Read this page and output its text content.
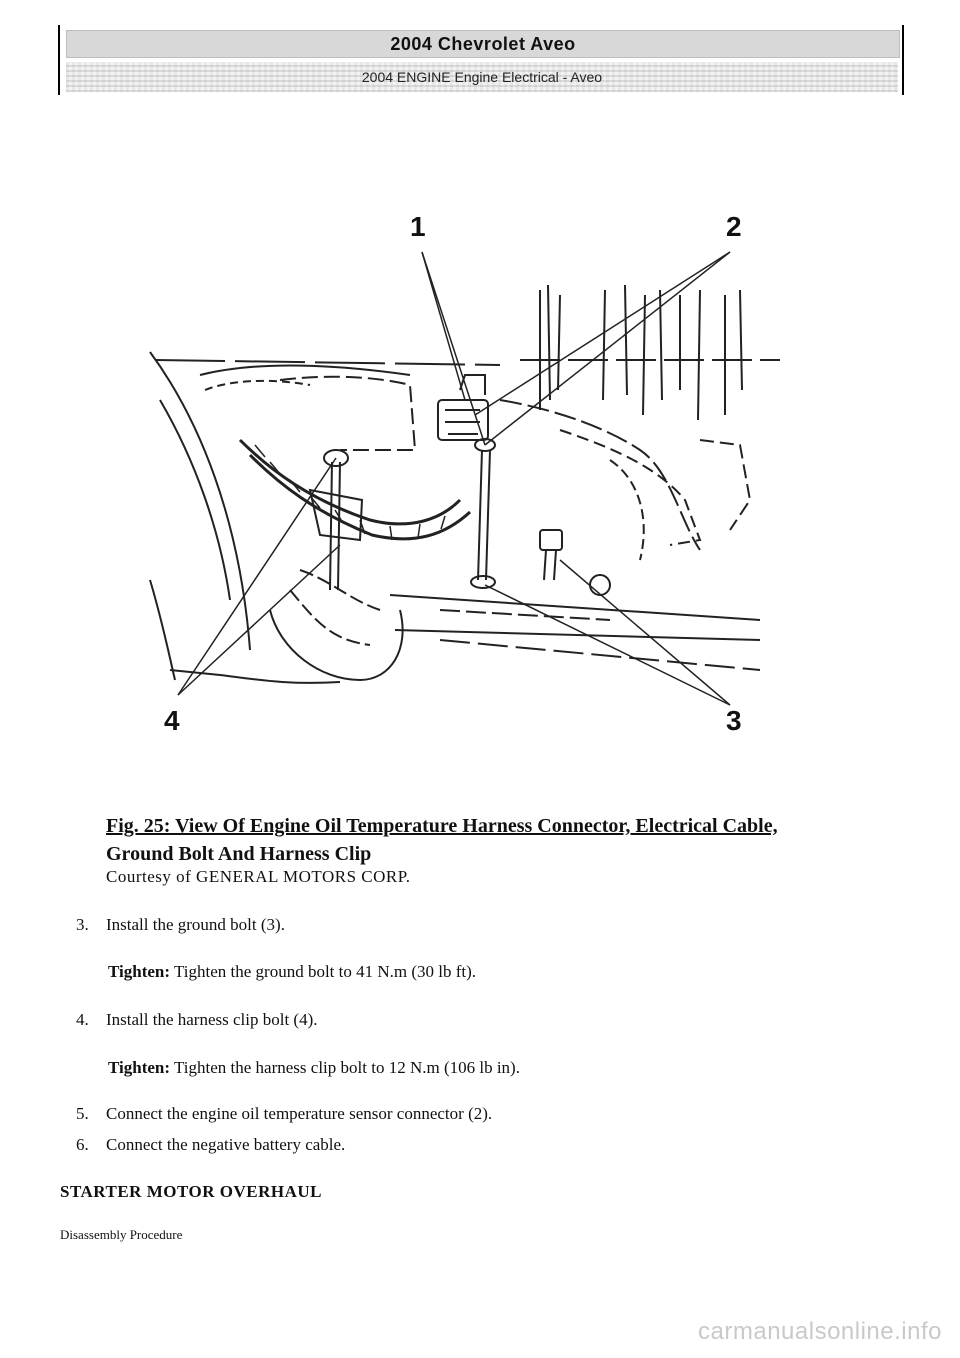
2004 Chevrolet Aveo
2004 ENGINE Engine Electrical - Aveo
1	2
3
4
Fig. 25: View Of Engine Oil Temperature Harness Connector, Electrical Cable,
Ground Bolt And Harness Clip
Courtesy of GENERAL MOTORS CORP.
3. Install the ground bolt (3).
Tighten: Tighten the ground bolt to 41 N.m (30 lb ft).
4. Install the harness clip bolt (4).
Tighten: Tighten the harness clip bolt to 12 N.m (106 lb in).
5. Connect the engine oil temperature sensor connector (2).
6. Connect the negative battery cable.
STARTER MOTOR OVERHAUL
Disassembly Procedure
carmanualsonline.info
